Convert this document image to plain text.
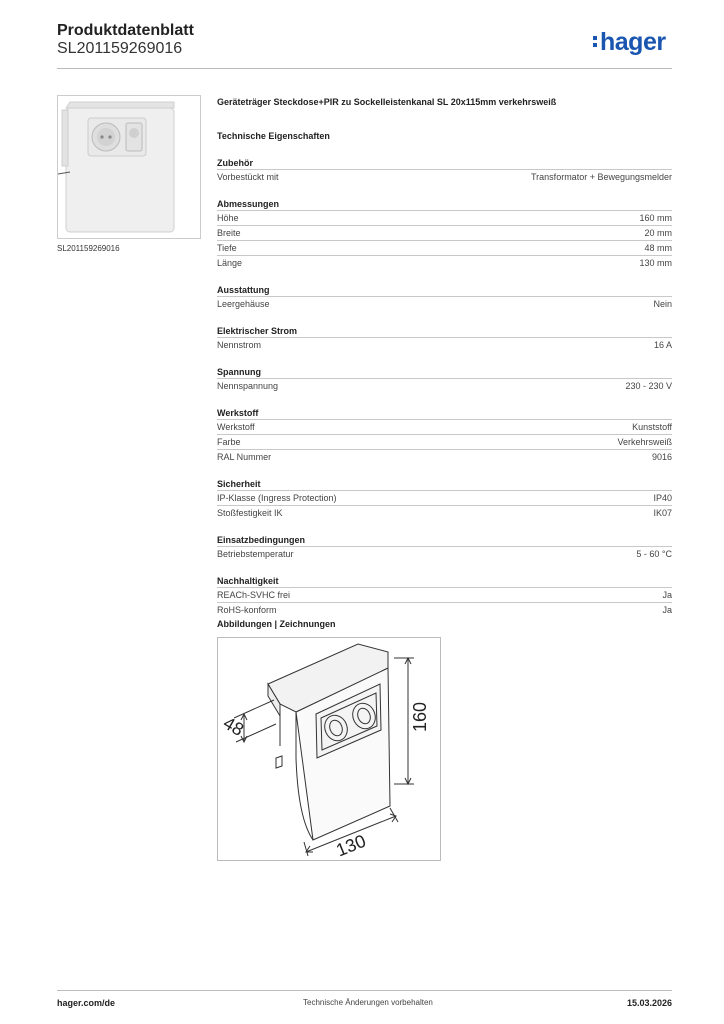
Produktdatenblatt
SL201159269016	hager
SL201159269016
Geräteträger Steckdose+PIR zu Sockelleistenkanal SL 20x115mm verkehrsweiß
Technische Eigenschaften
Zubehör
Vorbestückt mit	Transformator + Bewegungsmelder
Abmessungen
Höhe	160 mm
Breite	20 mm
Tiefe	48 mm
Länge	130 mm
Ausstattung
Leergehäuse	Nein
Elektrischer Strom
Nennstrom	16 A
Spannung
Nennspannung	230 - 230 V
Werkstoff
Werkstoff	Kunststoff
Farbe	Verkehrsweiß
RAL Nummer	9016
Sicherheit
IP-Klasse (Ingress Protection)	IP40
Stoßfestigkeit IK	IK07
Einsatzbedingungen
Betriebstemperatur	5 - 60 °C
Nachhaltigkeit
REACh-SVHC frei	Ja
RoHS-konform	Ja
Abbildungen | Zeichnungen
48	160
130
hager.com/de	Technische Änderungen vorbehalten	15.03.2026
